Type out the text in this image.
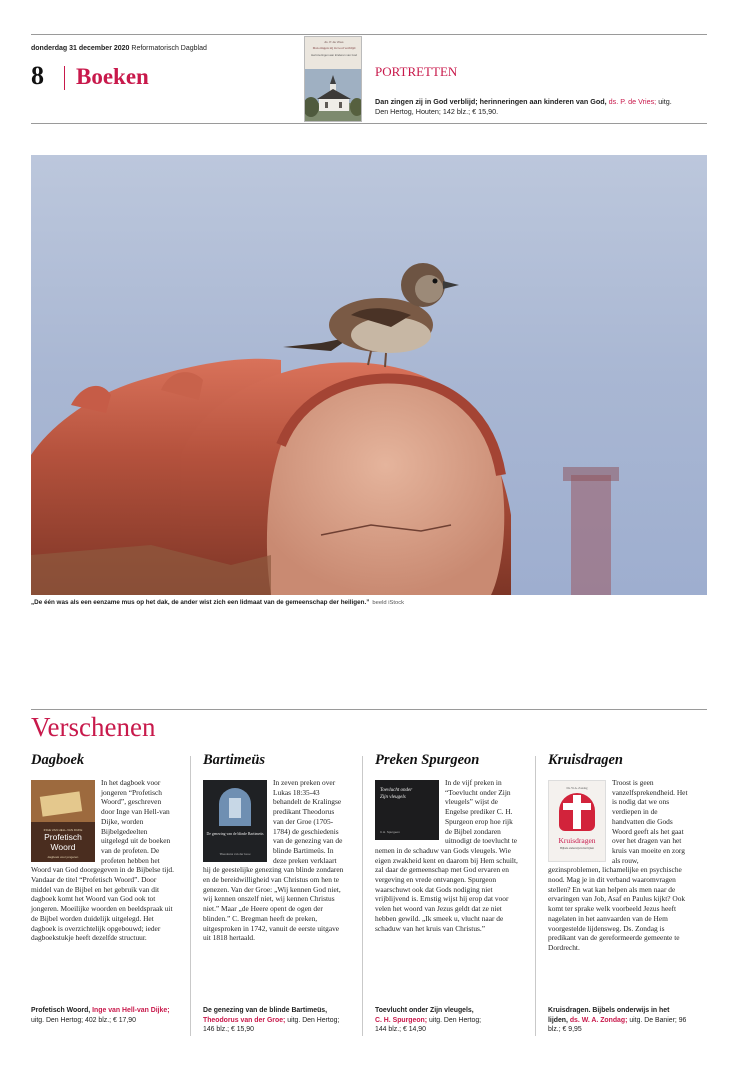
donderdag 31 december 2020 Reformatorisch Dagblad
8 Boeken
ds. P. de Vries
Dan zingen zij in God verblijd
Herinneringen aan kinderen van God
PORTRETTEN
Dan zingen zij in God verblijd; herinneringen aan kinderen van God, ds. P. de Vries; uitg.
Den Hertog, Houten; 142 blz.; € 15,90.
„De één was als een eenzame mus op het dak, de ander wist zich een lidmaat van de gemeenschap der heiligen.” beeld iStock
Verschenen
Dagboek
INGE VAN HELL-VAN DIJKE
Profetisch Woord
dagboek voor jongeren
In het dagboek voor jongeren “Profetisch Woord”, geschreven door Inge van Hell-van Dijke, worden Bijbelgedeelten uitgelegd uit de boeken van de profeten. De profeten hebben het Woord van God doorgegeven in de Bijbelse tijd. Vandaar de titel “Profetisch Woord”. Door middel van de Bijbel en het gebruik van dit dagboek komt het Woord van God ook tot jongeren. Moeilijke woorden en beeldspraak uit de Bijbel worden duidelijk uitgelegd. Het dagboek is overzichtelijk opgebouwd; ieder dagboekstukje heeft dezelfde structuur.
Profetisch Woord, Inge van Hell-van Dijke; uitg. Den Hertog; 402 blz.; € 17,90
Bartimeüs
De genezing van de blinde Bartimeüs
Theodorus van der Groe
In zeven preken over Lukas 18:35-43 behandelt de Kralingse predikant Theodorus van der Groe (1705-1784) de geschiedenis van de genezing van de blinde Bartimeüs. In deze preken verklaart hij de geestelijke genezing van blinde zondaren en de bereidwilligheid van Christus om hen te genezen. Van der Groe: „Wij kennen God niet, wij kennen onszelf niet, wij kennen Christus niet.” Maar „de Heere opent de ogen der blinden.” C. Bregman heeft de preken, uitgesproken in 1742, vanuit de eerste uitgave uit 1818 hertaald.
De genezing van de blinde Bartimeüs, Theodorus van der Groe; uitg. Den Hertog; 146 blz.; € 15,90
Preken Spurgeon
Toevlucht onder Zijn vleugels
C.H. Spurgeon
In de vijf preken in “Toevlucht onder Zijn vleugels” wijst de Engelse prediker C. H. Spurgeon erop hoe rijk de Bijbel zondaren uitnodigt de toevlucht te nemen in de schaduw van Gods vleugels. Wie eigen zwakheid kent en daarom bij Hem schuilt, zal daar de gemeenschap met God ervaren en vergeving en vrede ontvangen. Spurgeon waarschuwt ook dat Gods nodiging niet vrijblijvend is. Ernstig wijst hij erop dat voor velen het woord van Jezus geldt dat ze niet hebben gewild. „Ik smeek u, vlucht naar de schaduw van het kruis van Christus.”
Toevlucht onder Zijn vleugels,
C. H. Spurgeon; uitg. Den Hertog;
144 blz.; € 14,90
Kruisdragen
Ds. W.A. Zondag
Kruisdragen
Bijbels onderwijs in het lijden
Troost is geen vanzelfsprekendheid. Het is nodig dat we ons verdiepen in de handvatten die Gods Woord geeft als het gaat over het dragen van het kruis van moeite en zorg als rouw, gezinsproblemen, lichamelijke en psychische nood. Mag je in dit verband waaromvragen stellen? En wat kan helpen als men naar de ervaringen van Job, Asaf en Paulus kijkt? Ook komt ter sprake welk voorbeeld Jezus heeft nagelaten in het aanvaarden van de Hem voorgestelde lijdensweg. Ds. Zondag is predikant van de gereformeerde gemeente te Dordrecht.
Kruisdragen. Bijbels onderwijs in het lijden, ds. W. A. Zondag; uitg. De Banier; 96 blz.; € 9,95
